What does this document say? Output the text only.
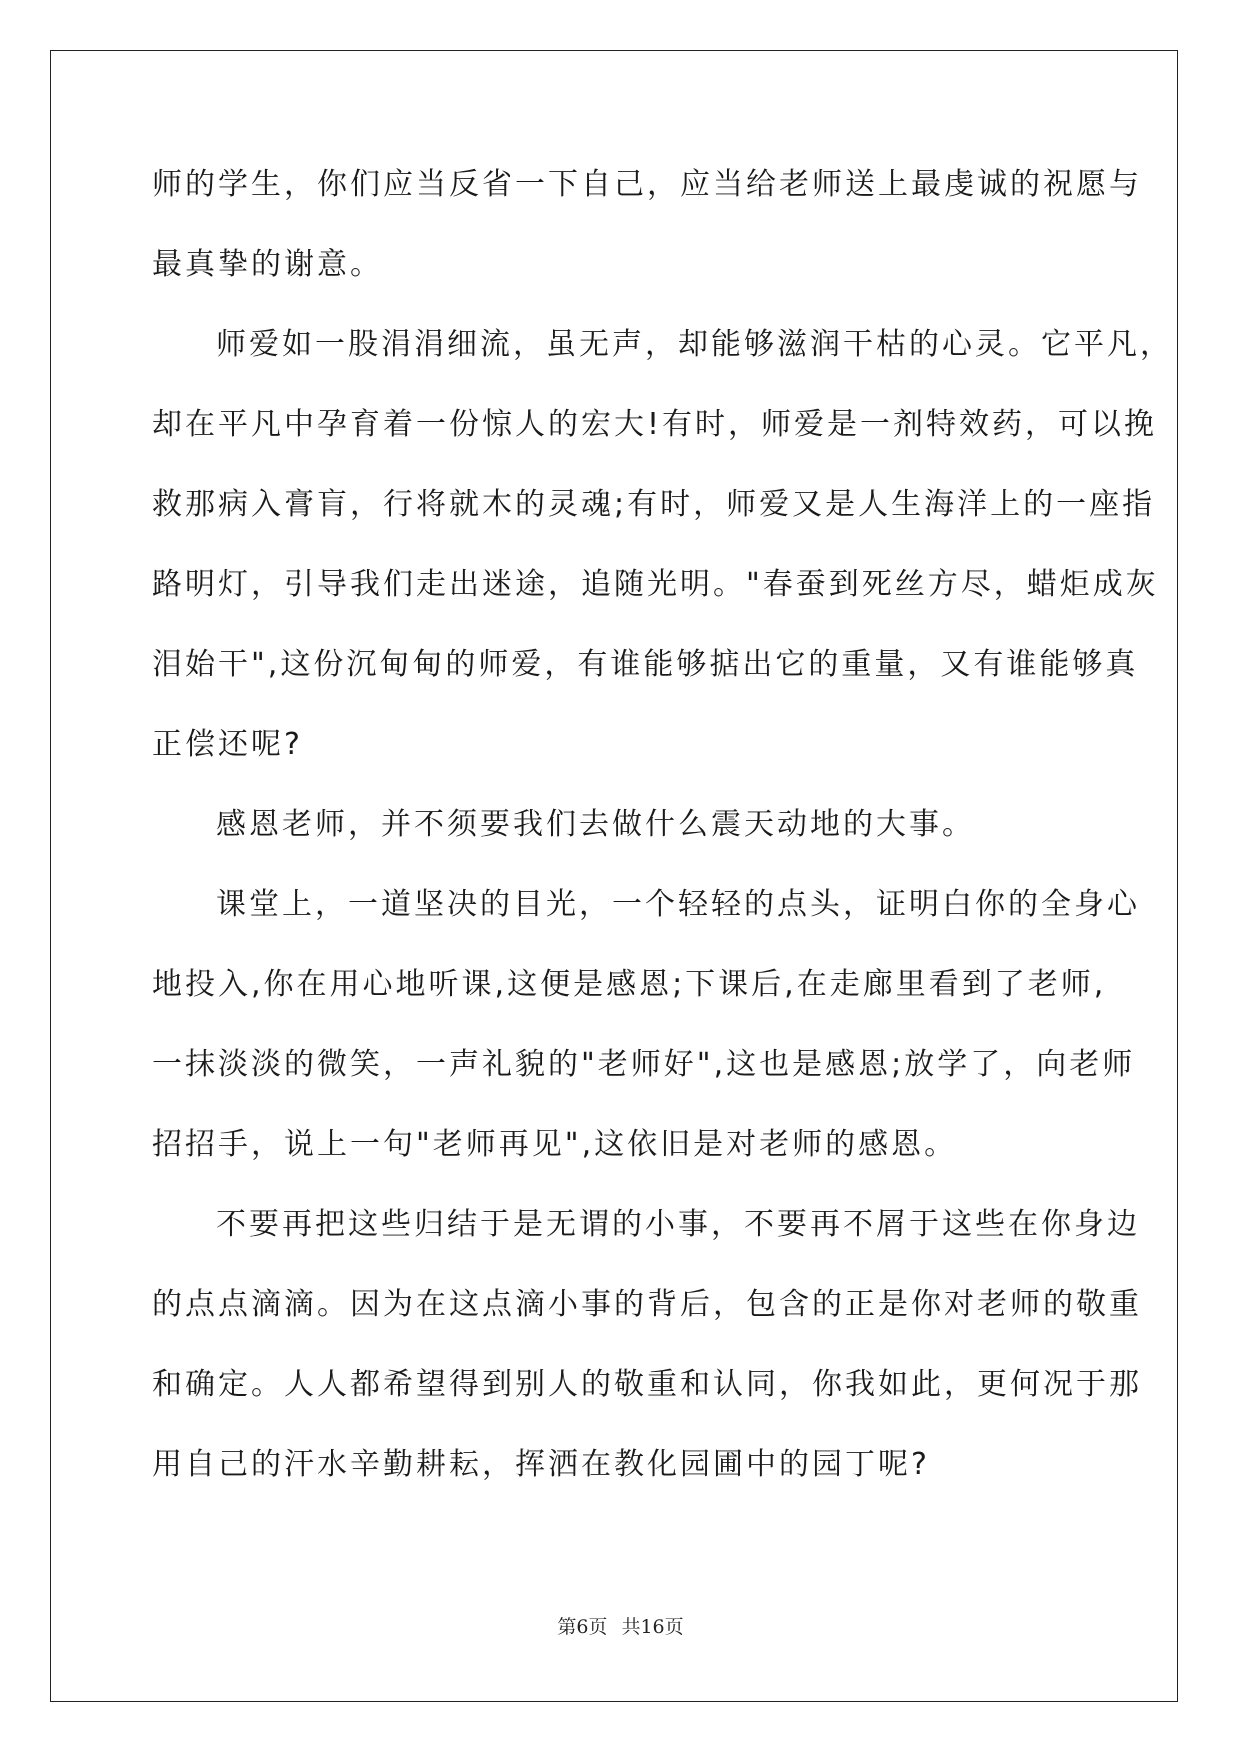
师的学生，你们应当反省一下自己，应当给老师送上最虔诚的祝愿与
最真挚的谢意。
师爱如一股涓涓细流，虽无声，却能够滋润干枯的心灵。它平凡，
却在平凡中孕育着一份惊人的宏大!有时，师爱是一剂特效药，可以挽
救那病入膏肓，行将就木的灵魂;有时，师爱又是人生海洋上的一座指
路明灯，引导我们走出迷途，追随光明。"春蚕到死丝方尽，蜡炬成灰
泪始干",这份沉甸甸的师爱，有谁能够掂出它的重量，又有谁能够真
正偿还呢?
感恩老师，并不须要我们去做什么震天动地的大事。
课堂上，一道坚决的目光，一个轻轻的点头，证明白你的全身心
地投入,你在用心地听课,这便是感恩;下课后,在走廊里看到了老师,
一抹淡淡的微笑，一声礼貌的"老师好",这也是感恩;放学了，向老师
招招手，说上一句"老师再见",这依旧是对老师的感恩。
不要再把这些归结于是无谓的小事，不要再不屑于这些在你身边
的点点滴滴。因为在这点滴小事的背后，包含的正是你对老师的敬重
和确定。人人都希望得到别人的敬重和认同，你我如此，更何况于那
用自己的汗水辛勤耕耘，挥洒在教化园圃中的园丁呢?
第6页 共16页
